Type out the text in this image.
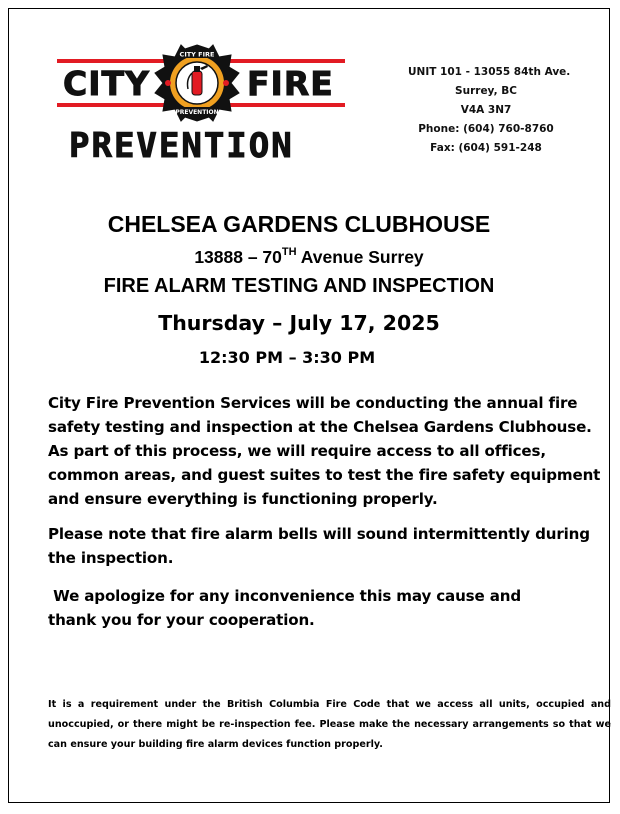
CITY	FIRE
CITY FIRE
PREVENTION
PREVENTION
UNIT 101 - 13055 84th Ave.
Surrey, BC
V4A 3N7
Phone: (604) 760-8760
Fax: (604) 591-248
CHELSEA GARDENS CLUBHOUSE
13888 – 70TH Avenue Surrey
FIRE ALARM TESTING AND INSPECTION
Thursday – July 17, 2025
12:30 PM – 3:30 PM
City Fire Prevention Services will be conducting the annual fire safety testing and inspection at the Chelsea Gardens Clubhouse. As part of this process, we will require access to all offices, common areas, and guest suites to test the fire safety equipment and ensure everything is functioning properly.
Please note that fire alarm bells will sound intermittently during the inspection.
We apologize for any inconvenience this may cause and
thank you for your cooperation.
It is a requirement under the British Columbia Fire Code that we access all units, occupied and unoccupied, or there might be re-inspection fee. Please make the necessary arrangements so that we can ensure your building fire alarm devices function properly.
